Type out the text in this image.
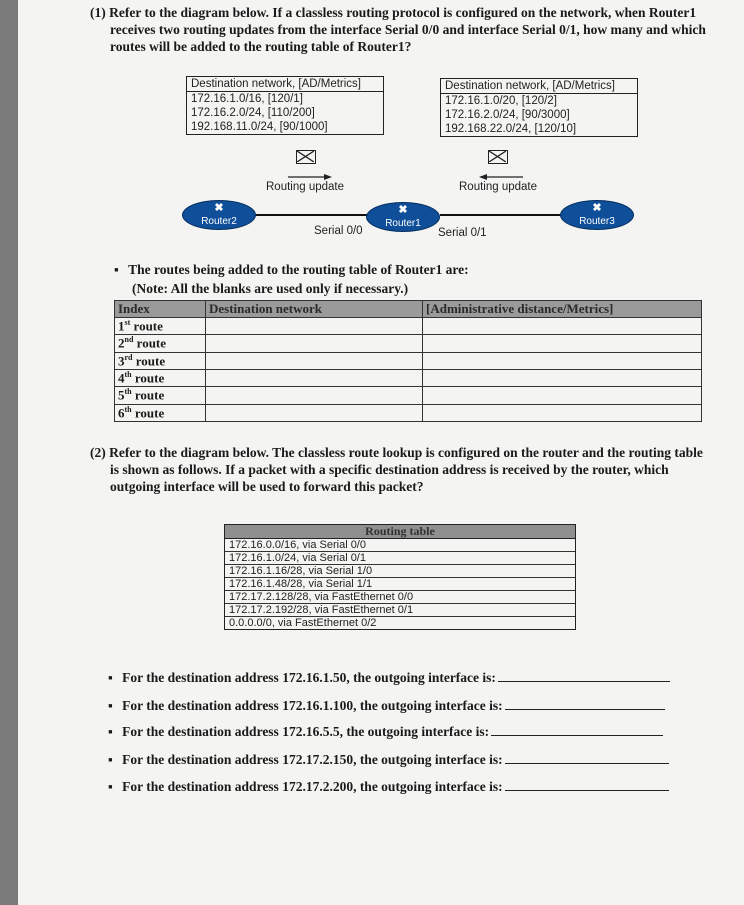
(1) Refer to the diagram below. If a classless routing protocol is configured on the network, when Router1
receives two routing updates from the interface Serial 0/0 and interface Serial 0/1, how many and which
routes will be added to the routing table of Router1?
Destination network, [AD/Metrics]
172.16.1.0/16, [120/1]
172.16.2.0/24, [110/200]
192.168.11.0/24, [90/1000]
Destination network, [AD/Metrics]
172.16.1.0/20, [120/2]
172.16.2.0/24, [90/3000]
192.168.22.0/24, [120/10]
Routing update	Routing update
✖
Router2
✖
Router1
✖
Router3
Serial 0/0	Serial 0/1
▪ The routes being added to the routing table of Router1 are:
(Note: All the blanks are used only if necessary.)
Index	Destination network	[Administrative distance/Metrics]
1st route		
2nd route		
3rd route		
4th route		
5th route		
6th route		
(2) Refer to the diagram below. The classless route lookup is configured on the router and the routing table
is shown as follows. If a packet with a specific destination address is received by the router, which
outgoing interface will be used to forward this packet?
Routing table
172.16.0.0/16, via Serial 0/0
172.16.1.0/24, via Serial 0/1
172.16.1.16/28, via Serial 1/0
172.16.1.48/28, via Serial 1/1
172.17.2.128/28, via FastEthernet 0/0
172.17.2.192/28, via FastEthernet 0/1
0.0.0.0/0, via FastEthernet 0/2
▪ For the destination address 172.16.1.50, the outgoing interface is:
▪ For the destination address 172.16.1.100, the outgoing interface is:
▪ For the destination address 172.16.5.5, the outgoing interface is:
▪ For the destination address 172.17.2.150, the outgoing interface is:
▪ For the destination address 172.17.2.200, the outgoing interface is:
